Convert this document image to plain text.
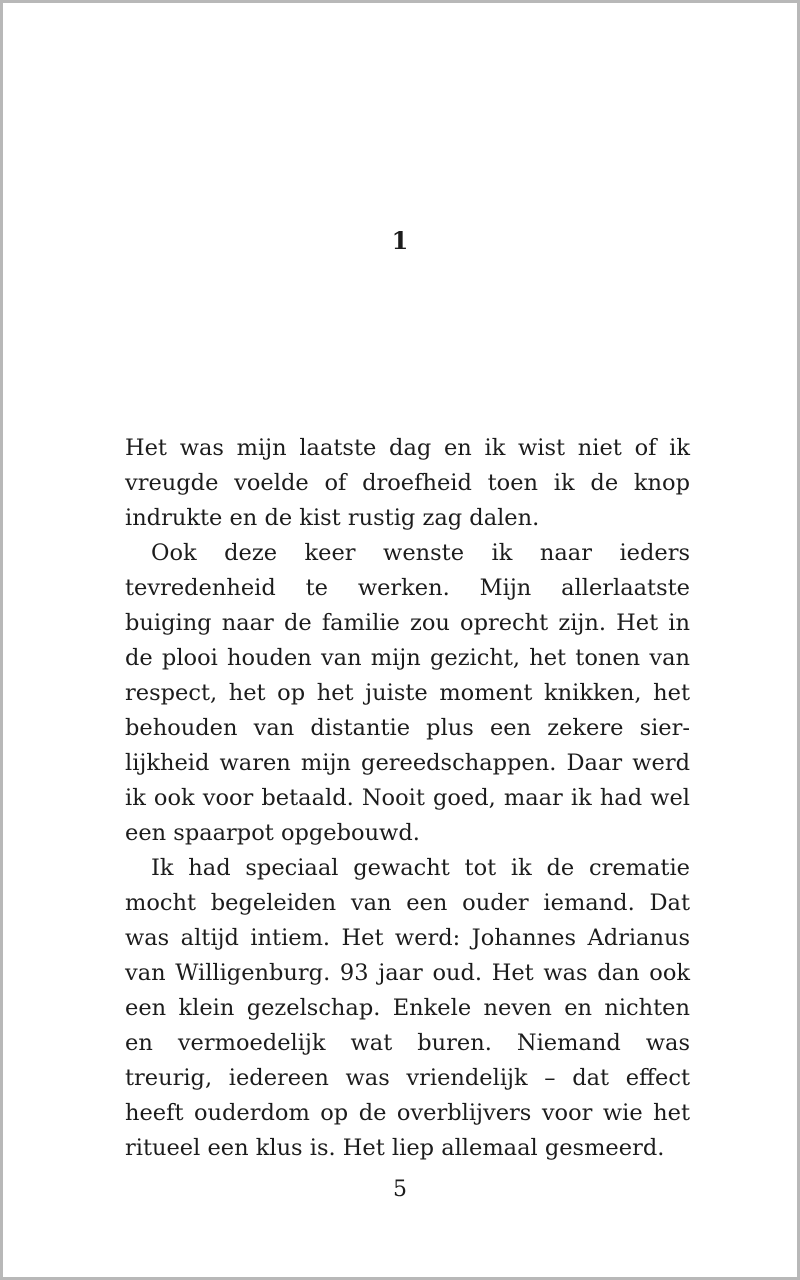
1

Het was mijn laatste dag en ik wist niet of ik vreugde voelde of droefheid toen ik de knop indrukte en de kist rustig zag dalen.

Ook deze keer wenste ik naar ieders tevredenheid te werken. Mijn allerlaatste buiging naar de familie zou oprecht zijn. Het in de plooi houden van mijn gezicht, het tonen van respect, het op het juiste moment knikken, het behouden van distantie plus een zekere sierlijkheid waren mijn gereedschappen. Daar werd ik ook voor betaald. Nooit goed, maar ik had wel een spaarpot opgebouwd.

Ik had speciaal gewacht tot ik de crematie mocht begeleiden van een ouder iemand. Dat was altijd intiem. Het werd: Johannes Adrianus van Willigenburg. 93 jaar oud. Het was dan ook een klein gezelschap. Enkele neven en nichten en vermoedelijk wat buren. Niemand was treurig, iedereen was vriendelijk – dat effect heeft ouderdom op de overblijvers voor wie het ritueel een klus is. Het liep allemaal gesmeerd.

5
